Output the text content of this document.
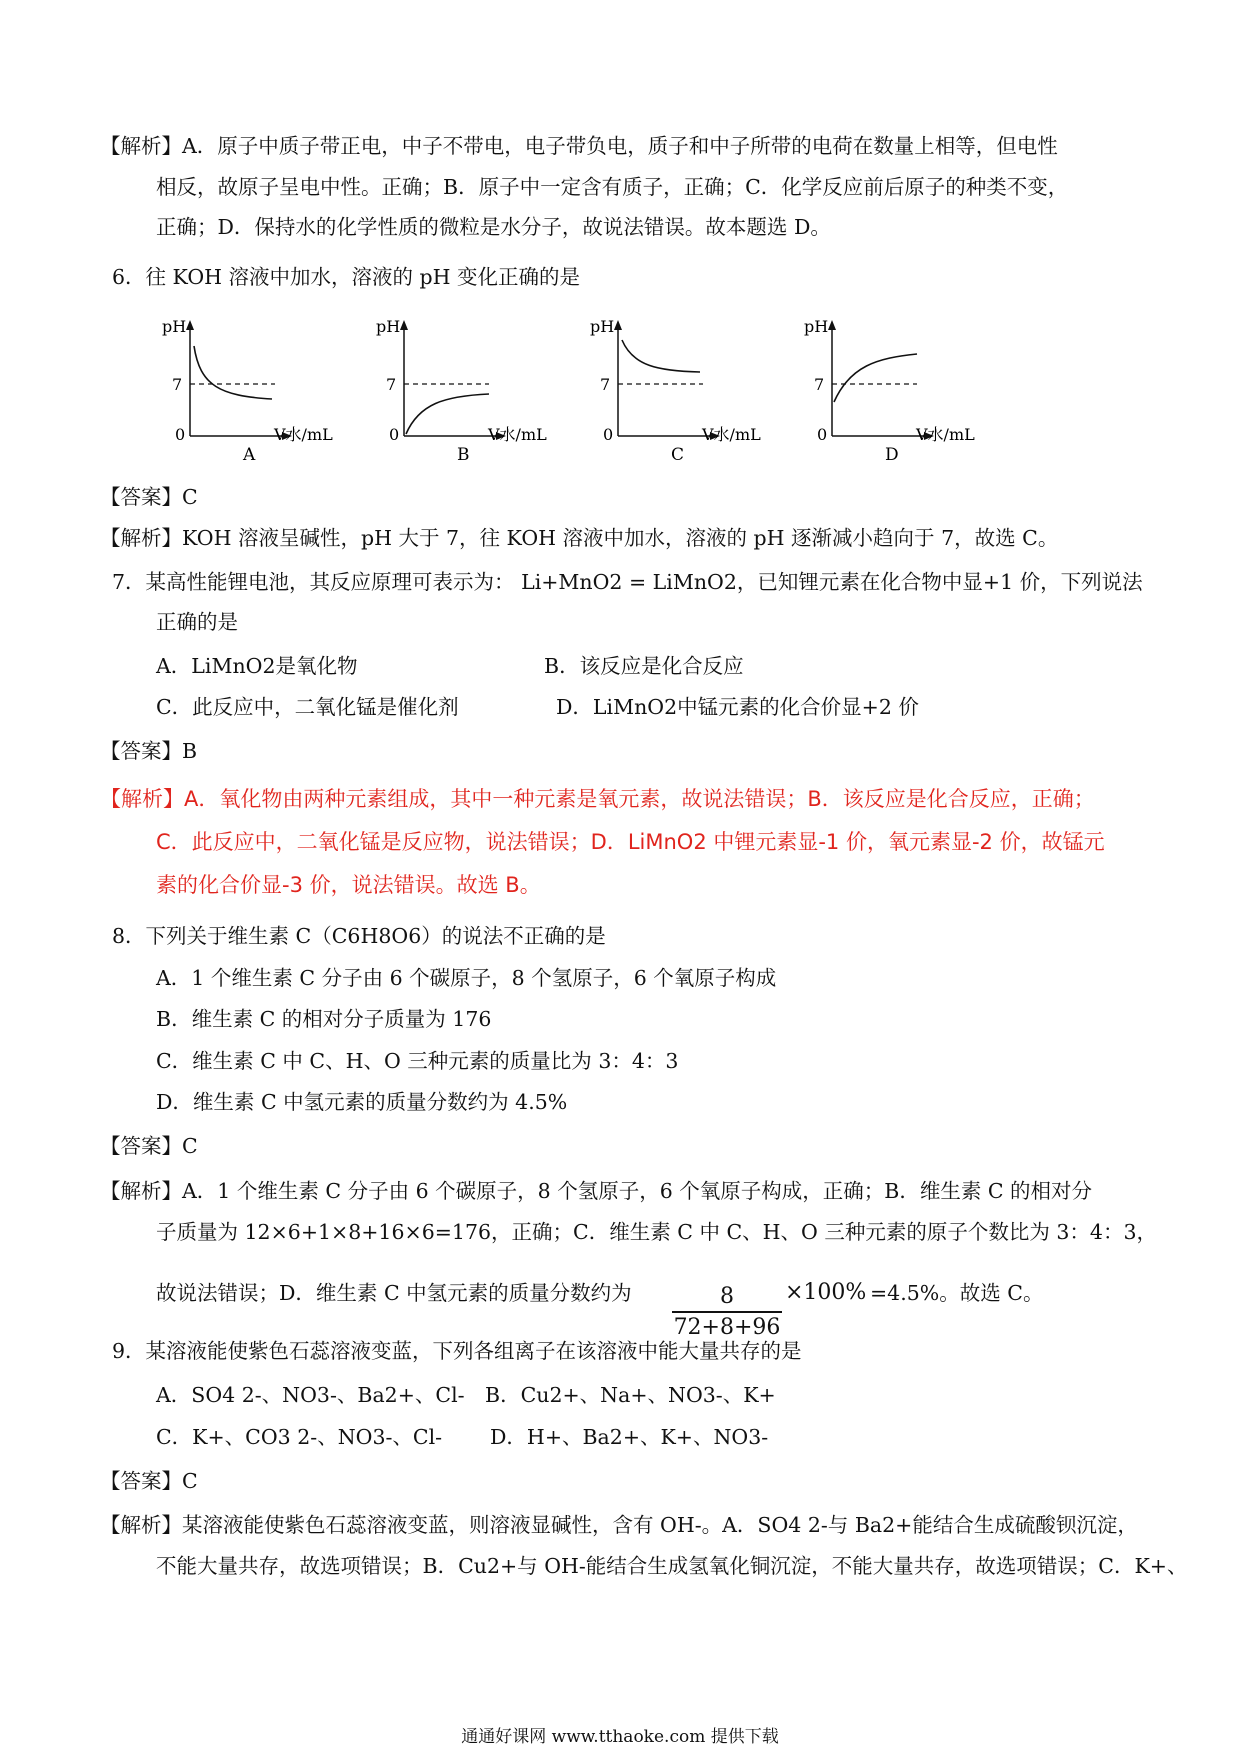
【解析】A．原子中质子带正电，中子不带电，电子带负电，质子和中子所带的电荷在数量上相等，但电性
相反，故原子呈电中性。正确；B．原子中一定含有质子，正确；C．化学反应前后原子的种类不变，
正确；D．保持水的化学性质的微粒是水分子，故说法错误。故本题选 D。
6．往 KOH 溶液中加水，溶液的 pH 变化正确的是
pH
7
0	V水/mL
A
pH
7
0	V水/mL
B
pH
7
0	V水/mL
C
pH
7
0	V水/mL
D
【答案】C
【解析】KOH 溶液呈碱性，pH 大于 7，往 KOH 溶液中加水，溶液的 pH 逐渐减小趋向于 7，故选 C。
7．某高性能锂电池，其反应原理可表示为： Li+MnO2 = LiMnO2，已知锂元素在化合物中显+1 价，下列说法
正确的是
A．LiMnO2是氧化物	B．该反应是化合反应
C．此反应中，二氧化锰是催化剂	D．LiMnO2中锰元素的化合价显+2 价
【答案】B
【解析】A．氧化物由两种元素组成，其中一种元素是氧元素，故说法错误；B．该反应是化合反应，正确；
C．此反应中，二氧化锰是反应物，说法错误；D．LiMnO2 中锂元素显-1 价，氧元素显-2 价，故锰元
素的化合价显-3 价，说法错误。故选 B。
8．下列关于维生素 C（C6H8O6）的说法不正确的是
A．1 个维生素 C 分子由 6 个碳原子，8 个氢原子，6 个氧原子构成
B．维生素 C 的相对分子质量为 176
C．维生素 C 中 C、H、O 三种元素的质量比为 3：4：3
D．维生素 C 中氢元素的质量分数约为 4.5%
【答案】C
【解析】A．1 个维生素 C 分子由 6 个碳原子，8 个氢原子，6 个氧原子构成，正确；B．维生素 C 的相对分
子质量为 12×6+1×8+16×6=176，正确；C．维生素 C 中 C、H、O 三种元素的原子个数比为 3：4：3，
故说法错误；D．维生素 C 中氢元素的质量分数约为 $\frac{8}{72+8+96} \times 100\% =4.5\%$。故选 C。
9．某溶液能使紫色石蕊溶液变蓝，下列各组离子在该溶液中能大量共存的是
A．SO4 2-、NO3-、Ba2+、Cl- B．Cu2+、Na+、NO3-、K+
C．K+、CO3 2-、NO3-、Cl- D．H+、Ba2+、K+、NO3-
【答案】C
【解析】某溶液能使紫色石蕊溶液变蓝，则溶液显碱性，含有 OH-。A．SO4 2-与 Ba2+能结合生成硫酸钡沉淀，
不能大量共存，故选项错误；B．Cu2+与 OH-能结合生成氢氧化铜沉淀，不能大量共存，故选项错误；C．K+、
通通好课网 www.tthaoke.com 提供下载
